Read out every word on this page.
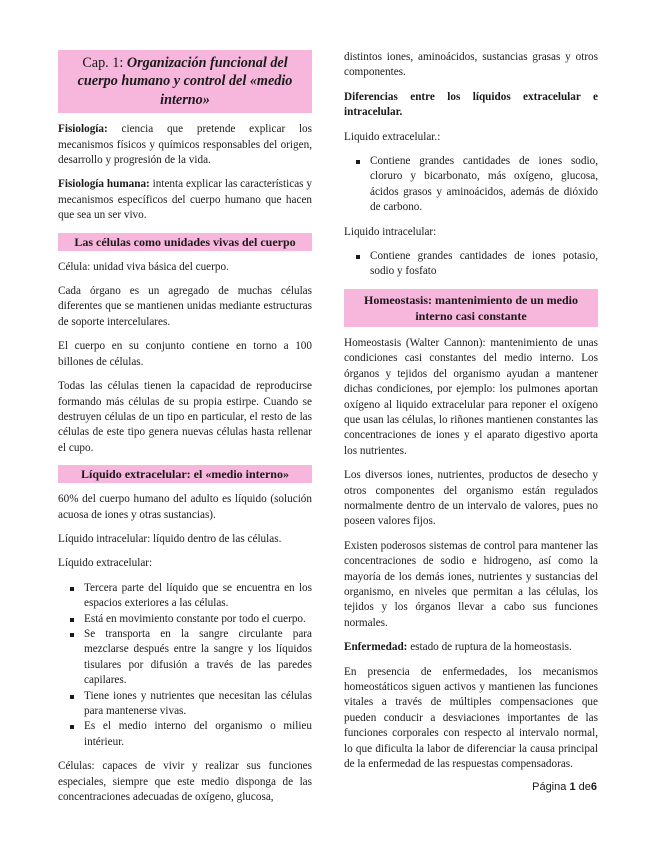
Cap. 1: Organización funcional del cuerpo humano y control del «medio interno»

Fisiología: ciencia que pretende explicar los mecanismos físicos y químicos responsables del origen, desarrollo y progresión de la vida.

Fisiología humana: intenta explicar las características y mecanismos específicos del cuerpo humano que hacen que sea un ser vivo.

Las células como unidades vivas del cuerpo

Célula: unidad viva básica del cuerpo.

Cada órgano es un agregado de muchas células diferentes que se mantienen unidas mediante estructuras de soporte intercelulares.

El cuerpo en su conjunto contiene en torno a 100 billones de células.

Todas las células tienen la capacidad de reproducirse formando más células de su propia estirpe. Cuando se destruyen células de un tipo en particular, el resto de las células de este tipo genera nuevas células hasta rellenar el cupo.

Líquido extracelular: el «medio interno»

60% del cuerpo humano del adulto es líquido (solución acuosa de iones y otras sustancias).

Líquido intracelular: líquido dentro de las células.

Líquido extracelular:

Tercera parte del líquido que se encuentra en los espacios exteriores a las células.
Está en movimiento constante por todo el cuerpo.
Se transporta en la sangre circulante para mezclarse después entre la sangre y los líquidos tisulares por difusión a través de las paredes capilares.
Tiene iones y nutrientes que necesitan las células para mantenerse vivas.
Es el medio interno del organismo o milieu intérieur.

Células: capaces de vivir y realizar sus funciones especiales, siempre que este medio disponga de las concentraciones adecuadas de oxígeno, glucosa,

distintos iones, aminoácidos, sustancias grasas y otros componentes.

Diferencias entre los líquidos extracelular e intracelular.

Liquido extracelular.:

Contiene grandes cantidades de iones sodio, cloruro y bicarbonato, más oxígeno, glucosa, ácidos grasos y aminoácidos, además de dióxido de carbono.

Liquido intracelular:

Contiene grandes cantidades de iones potasio, sodio y fosfato
Homeostasis: mantenimiento de un medio interno casi constante

Homeostasis (Walter Cannon): mantenimiento de unas condiciones casi constantes del medio interno. Los órganos y tejidos del organismo ayudan a mantener dichas condiciones, por ejemplo: los pulmones aportan oxígeno al liquido extracelular para reponer el oxígeno que usan las células, lo riñones mantienen constantes las concentraciones de iones y el aparato digestivo aporta los nutrientes.

Los diversos iones, nutrientes, productos de desecho y otros componentes del organismo están regulados normalmente dentro de un intervalo de valores, pues no poseen valores fijos.

Existen poderosos sistemas de control para mantener las concentraciones de sodio e hidrogeno, así como la mayoría de los demás iones, nutrientes y sustancias del organismo, en niveles que permitan a las células, los tejidos y los órganos llevar a cabo sus funciones normales.

Enfermedad: estado de ruptura de la homeostasis.

En presencia de enfermedades, los mecanismos homeostáticos siguen activos y mantienen las funciones vitales a través de múltiples compensaciones que pueden conducir a desviaciones importantes de las funciones corporales con respecto al intervalo normal, lo que dificulta la labor de diferenciar la causa principal de la enfermedad de las respuestas compensadoras.

Página 1 de6
